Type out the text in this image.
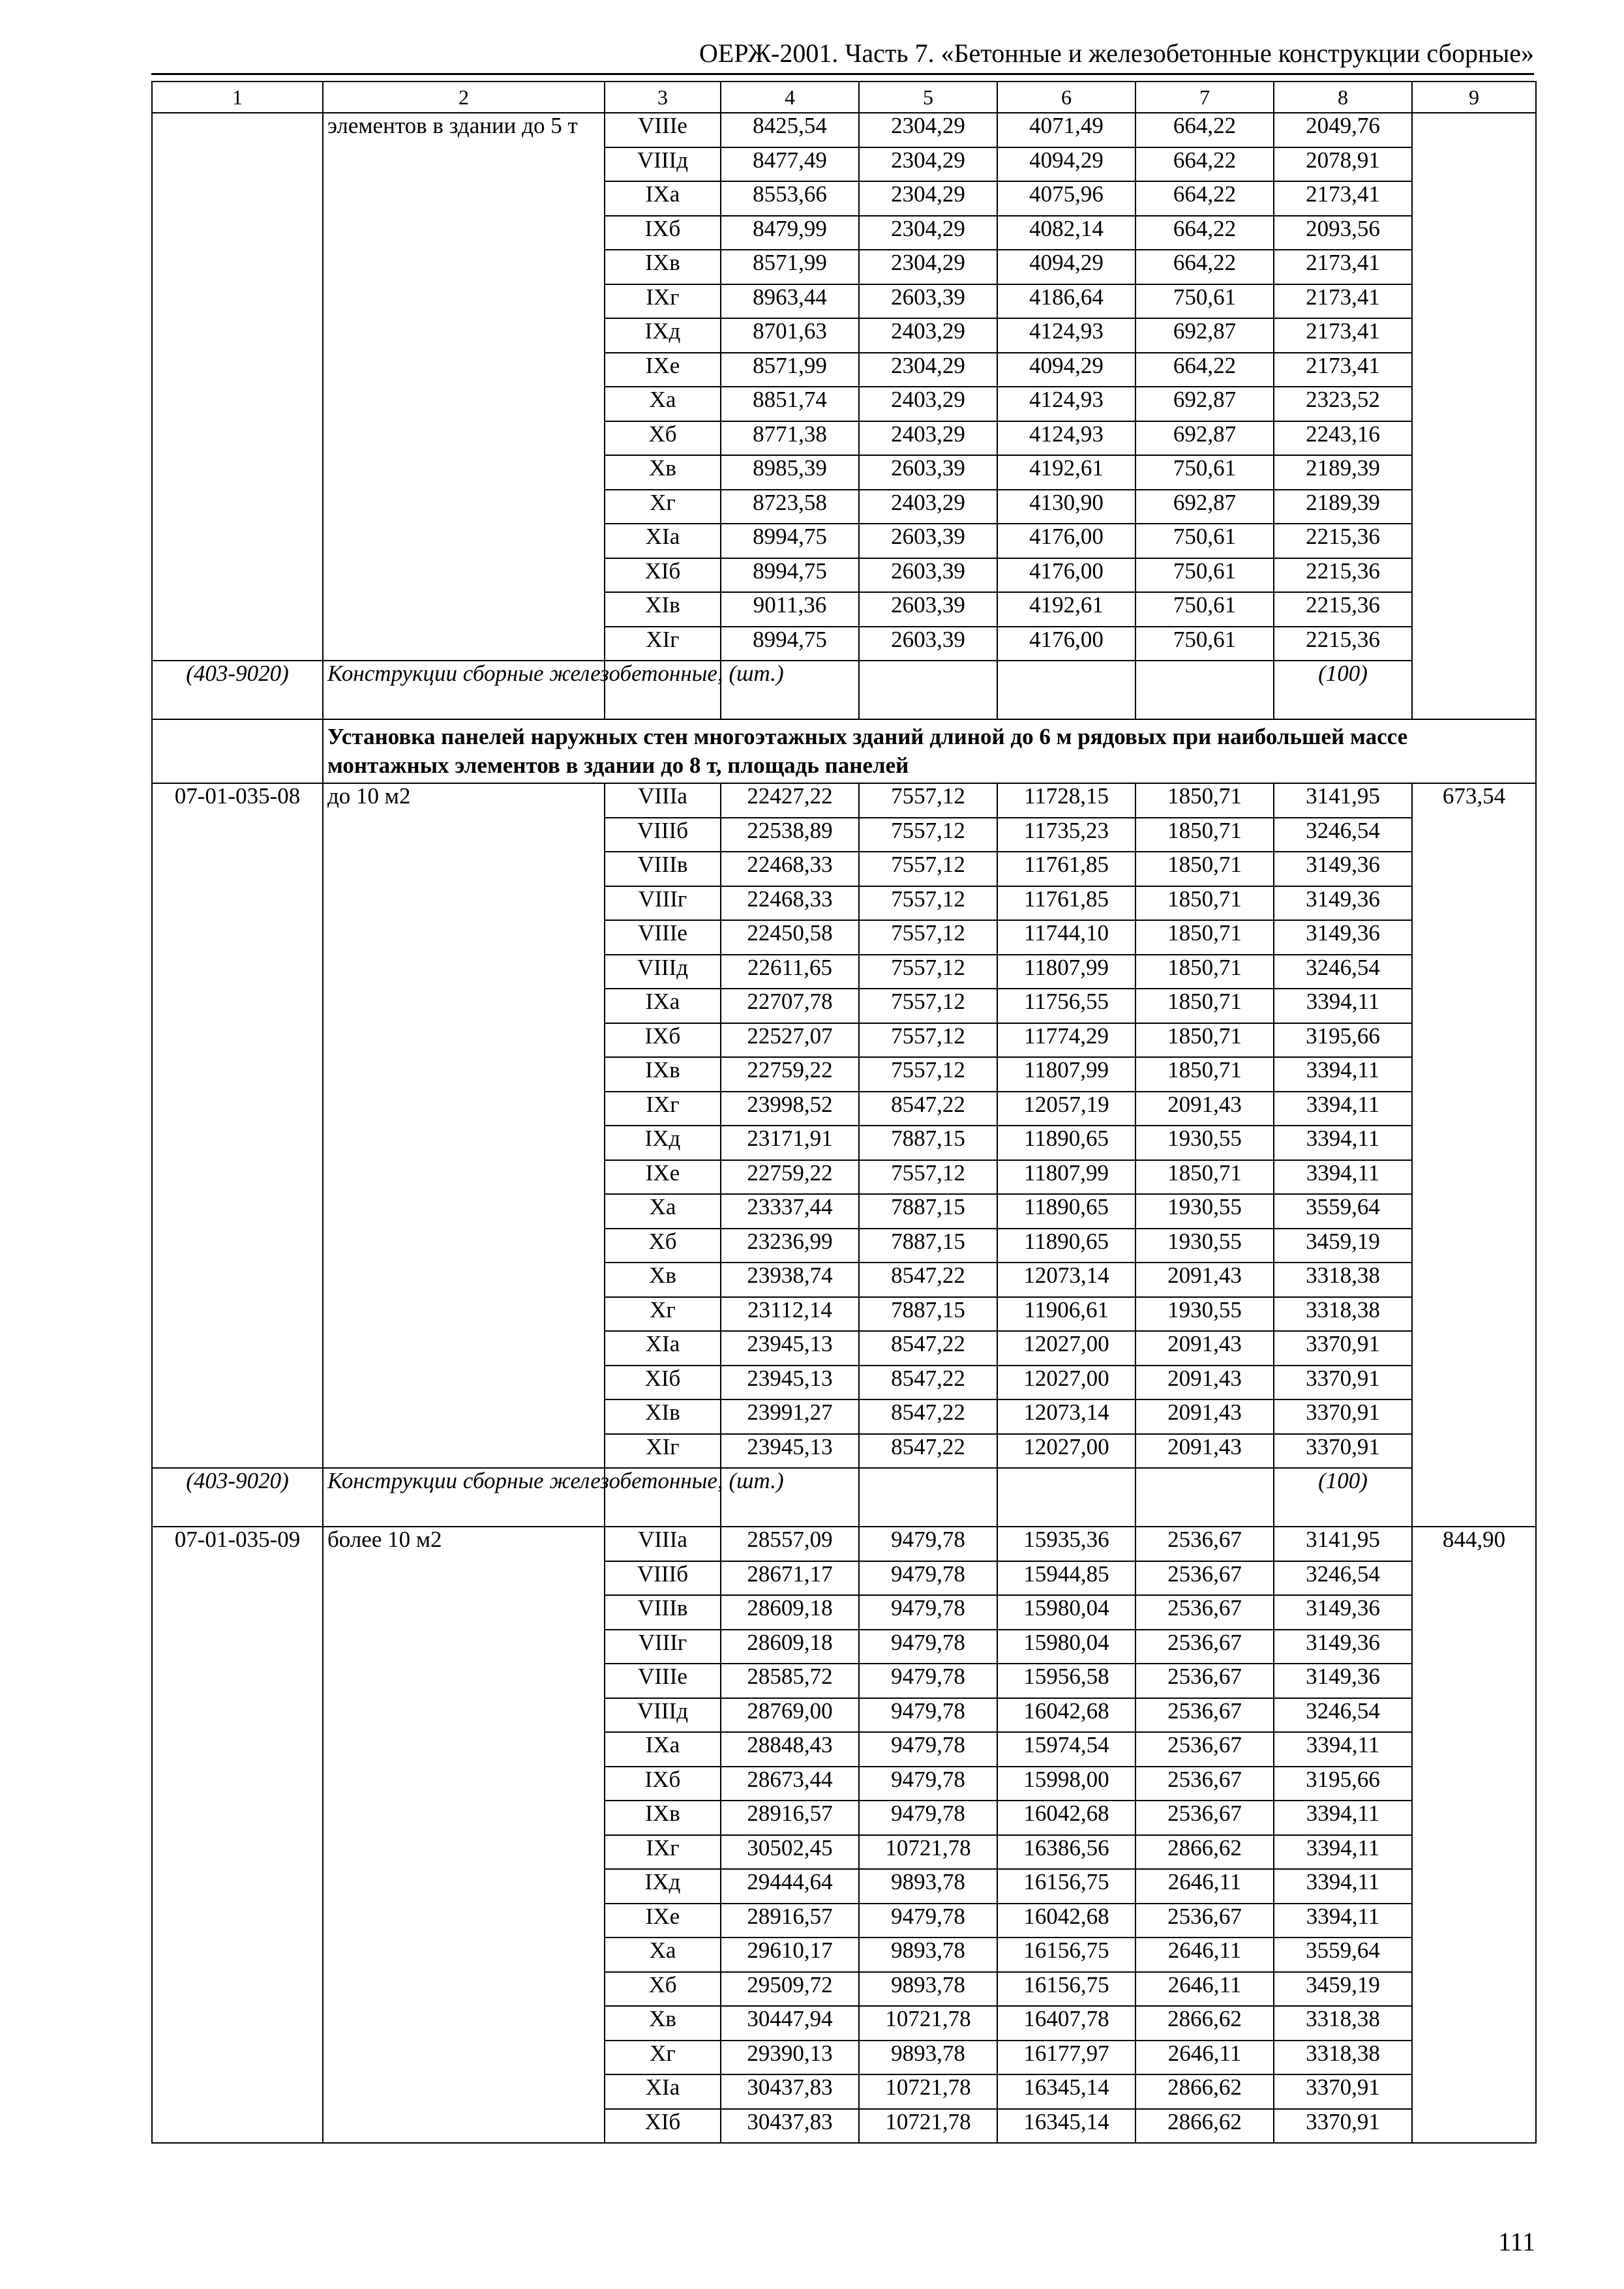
ОЕРЖ-2001. Часть 7. «Бетонные и железобетонные конструкции сборные»
1	2	3	4	5	6	7	8	9
	элементов в здании до 5 т	VIIIe	8425,54	2304,29	4071,49	664,22	2049,76	
		VIIIд	8477,49	2304,29	4094,29	664,22	2078,91	
		IXa	8553,66	2304,29	4075,96	664,22	2173,41	
		IXб	8479,99	2304,29	4082,14	664,22	2093,56	
		IXв	8571,99	2304,29	4094,29	664,22	2173,41	
		IXг	8963,44	2603,39	4186,64	750,61	2173,41	
		IXд	8701,63	2403,29	4124,93	692,87	2173,41	
		IXe	8571,99	2304,29	4094,29	664,22	2173,41	
		Xa	8851,74	2403,29	4124,93	692,87	2323,52	
		Xб	8771,38	2403,29	4124,93	692,87	2243,16	
		Xв	8985,39	2603,39	4192,61	750,61	2189,39	
		Xг	8723,58	2403,29	4130,90	692,87	2189,39	
		XIa	8994,75	2603,39	4176,00	750,61	2215,36	
		XIб	8994,75	2603,39	4176,00	750,61	2215,36	
		XIв	9011,36	2603,39	4192,61	750,61	2215,36	
		XIг	8994,75	2603,39	4176,00	750,61	2215,36	
(403-9020)	Конструкции сборные железобетонные, (шт.)						(100)	
	Установка панелей наружных стен многоэтажных зданий длиной до 6 м рядовых при наибольшей массе монтажных элементов в здании до 8 т, площадь панелей							
07-01-035-08	до 10 м2	VIIIa	22427,22	7557,12	11728,15	1850,71	3141,95	673,54
		VIIIб	22538,89	7557,12	11735,23	1850,71	3246,54	
		VIIIв	22468,33	7557,12	11761,85	1850,71	3149,36	
		VIIIг	22468,33	7557,12	11761,85	1850,71	3149,36	
		VIIIe	22450,58	7557,12	11744,10	1850,71	3149,36	
		VIIIд	22611,65	7557,12	11807,99	1850,71	3246,54	
		IXa	22707,78	7557,12	11756,55	1850,71	3394,11	
		IXб	22527,07	7557,12	11774,29	1850,71	3195,66	
		IXв	22759,22	7557,12	11807,99	1850,71	3394,11	
		IXг	23998,52	8547,22	12057,19	2091,43	3394,11	
		IXд	23171,91	7887,15	11890,65	1930,55	3394,11	
		IXe	22759,22	7557,12	11807,99	1850,71	3394,11	
		Xa	23337,44	7887,15	11890,65	1930,55	3559,64	
		Xб	23236,99	7887,15	11890,65	1930,55	3459,19	
		Xв	23938,74	8547,22	12073,14	2091,43	3318,38	
		Xг	23112,14	7887,15	11906,61	1930,55	3318,38	
		XIa	23945,13	8547,22	12027,00	2091,43	3370,91	
		XIб	23945,13	8547,22	12027,00	2091,43	3370,91	
		XIв	23991,27	8547,22	12073,14	2091,43	3370,91	
		XIг	23945,13	8547,22	12027,00	2091,43	3370,91	
(403-9020)	Конструкции сборные железобетонные, (шт.)						(100)	
07-01-035-09	более 10 м2	VIIIa	28557,09	9479,78	15935,36	2536,67	3141,95	844,90
		VIIIб	28671,17	9479,78	15944,85	2536,67	3246,54	
		VIIIв	28609,18	9479,78	15980,04	2536,67	3149,36	
		VIIIг	28609,18	9479,78	15980,04	2536,67	3149,36	
		VIIIe	28585,72	9479,78	15956,58	2536,67	3149,36	
		VIIIд	28769,00	9479,78	16042,68	2536,67	3246,54	
		IXa	28848,43	9479,78	15974,54	2536,67	3394,11	
		IXб	28673,44	9479,78	15998,00	2536,67	3195,66	
		IXв	28916,57	9479,78	16042,68	2536,67	3394,11	
		IXг	30502,45	10721,78	16386,56	2866,62	3394,11	
		IXд	29444,64	9893,78	16156,75	2646,11	3394,11	
		IXe	28916,57	9479,78	16042,68	2536,67	3394,11	
		Xa	29610,17	9893,78	16156,75	2646,11	3559,64	
		Xб	29509,72	9893,78	16156,75	2646,11	3459,19	
		Xв	30447,94	10721,78	16407,78	2866,62	3318,38	
		Xг	29390,13	9893,78	16177,97	2646,11	3318,38	
		XIa	30437,83	10721,78	16345,14	2866,62	3370,91	
		XIб	30437,83	10721,78	16345,14	2866,62	3370,91	
111
